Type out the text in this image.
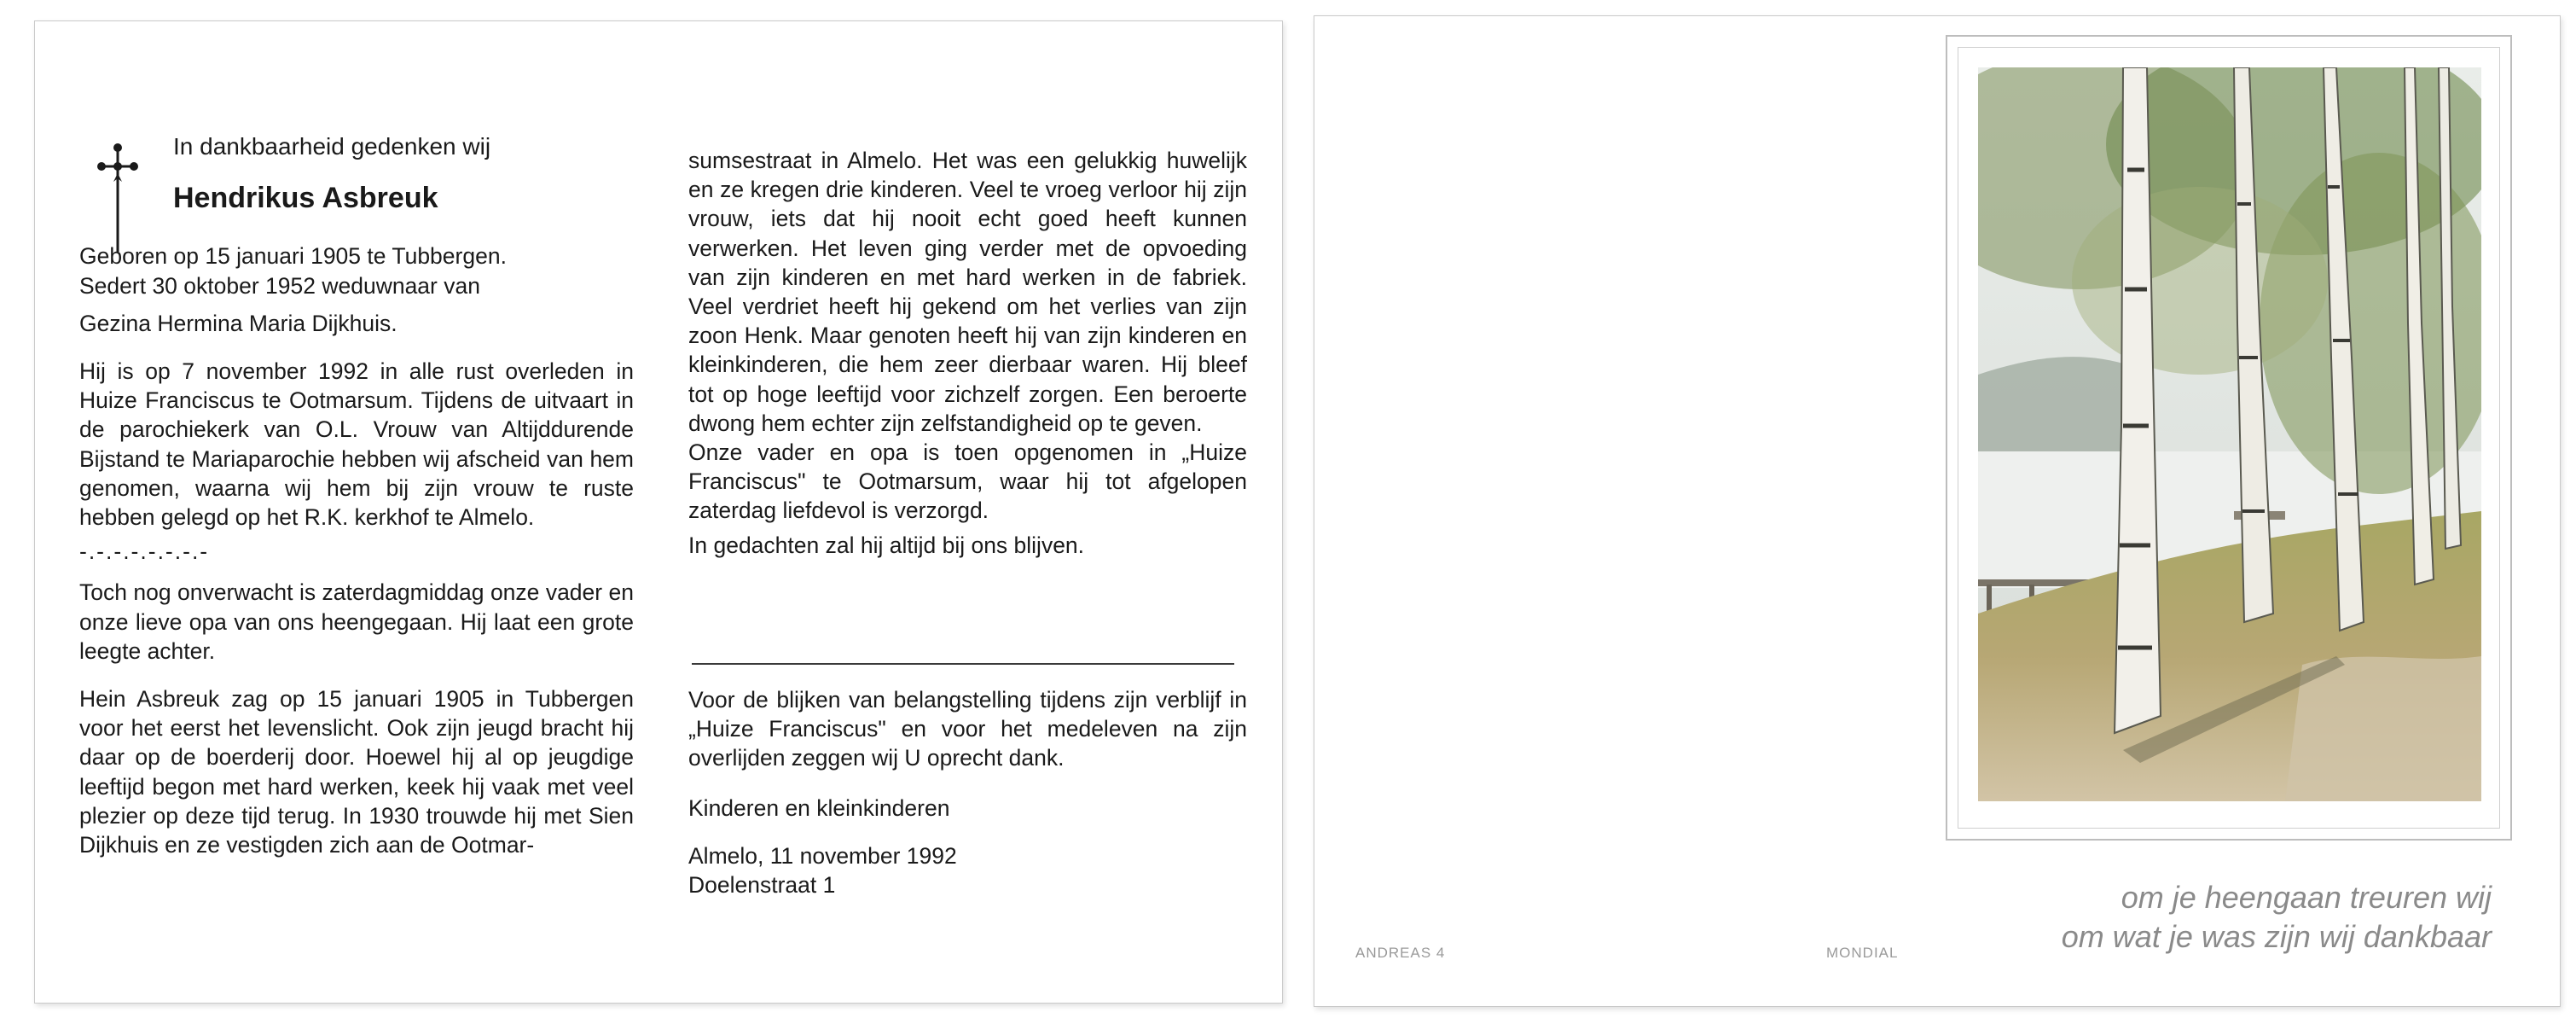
In dankbaarheid gedenken wij

Hendrikus Asbreuk

Geboren op 15 januari 1905 te Tubbergen.

Sedert 30 oktober 1952 weduwnaar van

Gezina Hermina Maria Dijkhuis.

Hij is op 7 november 1992 in alle rust overleden in Huize Franciscus te Ootmarsum. Tijdens de uitvaart in de parochiekerk van O.L. Vrouw van Altijddurende Bijstand te Mariaparochie hebben wij afscheid van hem genomen, waarna wij hem bij zijn vrouw te ruste hebben gelegd op het R.K. kerkhof te Almelo.

-.-.-.-.-.-.-.-

Toch nog onverwacht is zaterdagmiddag onze vader en onze lieve opa van ons heengegaan. Hij laat een grote leegte achter.

Hein Asbreuk zag op 15 januari 1905 in Tubbergen voor het eerst het levenslicht. Ook zijn jeugd bracht hij daar op de boerderij door. Hoewel hij al op jeugdige leeftijd begon met hard werken, keek hij vaak met veel plezier op deze tijd terug. In 1930 trouwde hij met Sien Dijkhuis en ze vestigden zich aan de Ootmar-

sumsestraat in Almelo. Het was een gelukkig huwelijk en ze kregen drie kinderen. Veel te vroeg verloor hij zijn vrouw, iets dat hij nooit echt goed heeft kunnen verwerken. Het leven ging verder met de opvoeding van zijn kinderen en met hard werken in de fabriek. Veel verdriet heeft hij gekend om het verlies van zijn zoon Henk. Maar genoten heeft hij van zijn kinderen en kleinkinderen, die hem zeer dierbaar waren. Hij bleef tot op hoge leeftijd voor zichzelf zorgen. Een beroerte dwong hem echter zijn zelfstandigheid op te geven.

Onze vader en opa is toen opgenomen in „Huize Franciscus" te Ootmarsum, waar hij tot afgelopen zaterdag liefdevol is verzorgd.

In gedachten zal hij altijd bij ons blijven.

Voor de blijken van belangstelling tijdens zijn verblijf in „Huize Franciscus" en voor het medeleven na zijn overlijden zeggen wij U oprecht dank.

Kinderen en kleinkinderen

Almelo, 11 november 1992

Doelenstraat 1	om je heengaan treuren wij
om wat je was zijn wij dankbaar
ANDREAS 4	MONDIAL
